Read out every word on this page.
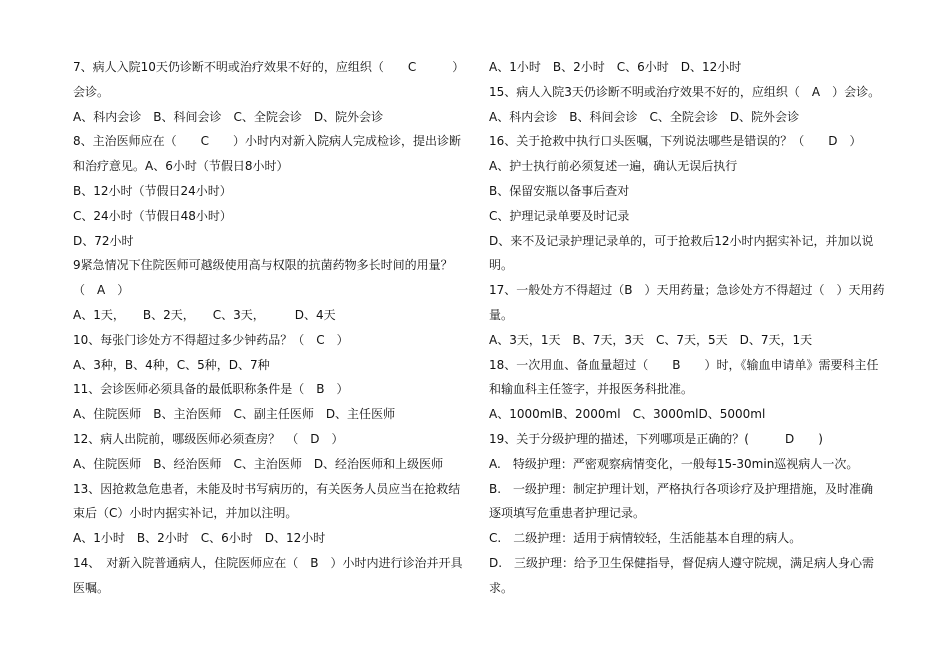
7、病人入院10天仍诊断不明或治疗效果不好的，应组织（　　C　　　）
会诊。
A、科内会诊　B、科间会诊　C、全院会诊　D、院外会诊
8、主治医师应在（　　C　　）小时内对新入院病人完成检诊，提出诊断
和治疗意见。A、6小时（节假日8小时）
B、12小时（节假日24小时）
C、24小时（节假日48小时）
D、72小时
9紧急情况下住院医师可越级使用高与权限的抗菌药物多长时间的用量？
（　A　）
A、1天，　　B、2天，　　C、3天，　　　D、4天
10、每张门诊处方不得超过多少钟药品？（　C　）
A、3种，B、4种，C、5种，D、7种
11、会诊医师必须具备的最低职称条件是（　B　）
A、住院医师　B、主治医师　C、副主任医师　D、主任医师
12、病人出院前，哪级医师必须查房？　（　D　）
A、住院医师　B、经治医师　C、主治医师　D、经治医师和上级医师
13、因抢救急危患者，未能及时书写病历的，有关医务人员应当在抢救结
束后（C）小时内据实补记，并加以注明。
A、1小时　B、2小时　C、6小时　D、12小时
14、　对新入院普通病人，住院医师应在（　B　）小时内进行诊治并开具
医嘱。
A、1小时　B、2小时　C、6小时　D、12小时
15、病人入院3天仍诊断不明或治疗效果不好的，应组织（　A　）会诊。
A、科内会诊　B、科间会诊　C、全院会诊　D、院外会诊
16、关于抢救中执行口头医嘱，下列说法哪些是错误的？（　　D　）
A、护士执行前必须复述一遍，确认无误后执行
B、保留安瓶以备事后查对
C、护理记录单要及时记录
D、来不及记录护理记录单的，可于抢救后12小时内据实补记，并加以说
明。
17、一般处方不得超过（B　）天用药量；急诊处方不得超过（　）天用药
量。
A、3天，1天　B、7天，3天　C、7天，5天　D、7天，1天
18、一次用血、备血量超过（　　B　　）时，《输血申请单》需要科主任
和输血科主任签字，并报医务科批准。
A、1000mlB、2000ml　C、3000mlD、5000ml
19、关于分级护理的描述，下列哪项是正确的？(　　　D　　)
A.　特级护理：严密观察病情变化，一般每15-30min巡视病人一次。
B.　一级护理：制定护理计划，严格执行各项诊疗及护理措施，及时准确
逐项填写危重患者护理记录。
C.　二级护理：适用于病情较轻，生活能基本自理的病人。
D.　三级护理：给予卫生保健指导，督促病人遵守院规，满足病人身心需
求。
